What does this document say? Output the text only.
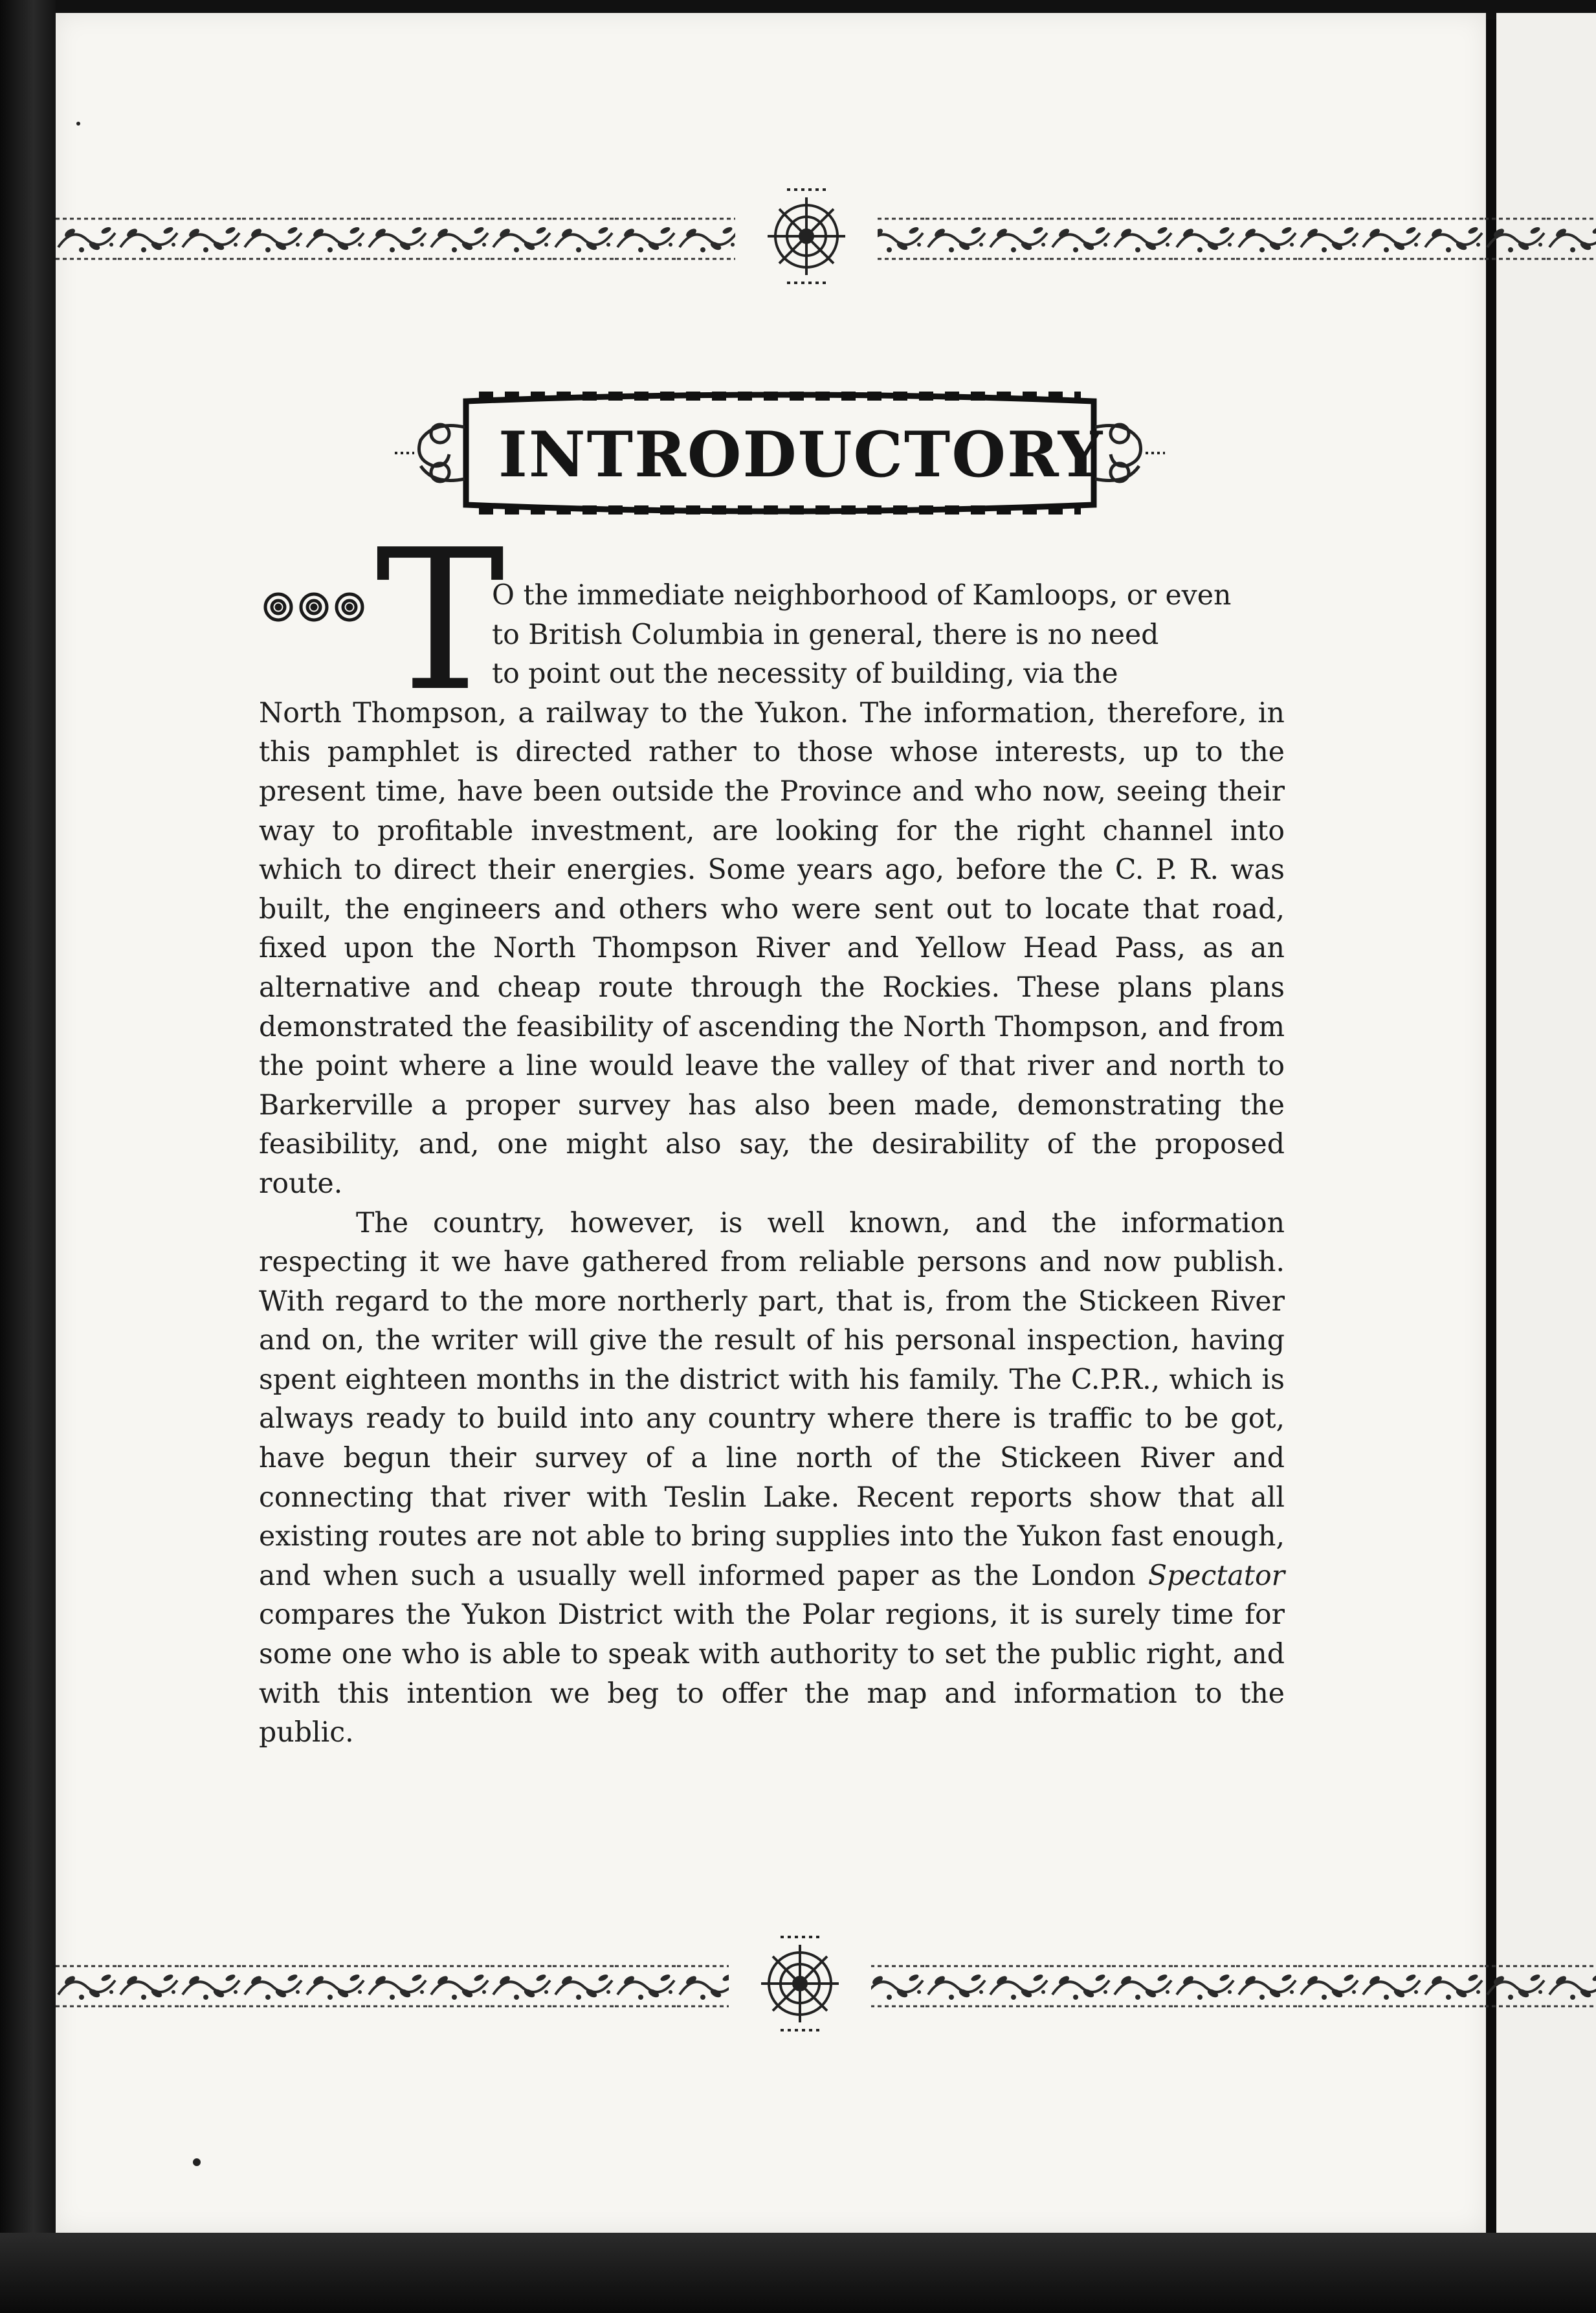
INTRODUCTORY
T

O the immediate neighborhood of Kamloops, or even

to British Columbia in general, there is no need

to point out the necessity of building, via the

North Thompson, a railway to the Yukon. The information, therefore, in this pamphlet is directed rather to those whose interests, up to the present time, have been outside the Province and who now, seeing their way to profitable investment, are looking for the right channel into which to direct their energies. Some years ago, before the C. P. R. was built, the engineers and others who were sent out to locate that road, fixed upon the North Thompson River and Yellow Head Pass, as an alternative and cheap route through the Rockies. These plans plans demonstrated the feasibility of ascending the North Thompson, and from the point where a line would leave the valley of that river and north to Barkerville a proper survey has also been made, demonstrating the feasibility, and, one might also say, the desirability of the proposed route.

The country, however, is well known, and the information respecting it we have gathered from reliable persons and now publish. With regard to the more northerly part, that is, from the Stickeen River and on, the writer will give the result of his personal inspection, having spent eighteen months in the district with his family. The C.P.R., which is always ready to build into any country where there is traffic to be got, have begun their survey of a line north of the Stickeen River and connecting that river with Teslin Lake. Recent reports show that all existing routes are not able to bring supplies into the Yukon fast enough, and when such a usually well informed paper as the London Spectator compares the Yukon District with the Polar regions, it is surely time for some one who is able to speak with authority to set the public right, and with this intention we beg to offer the map and information to the public.
